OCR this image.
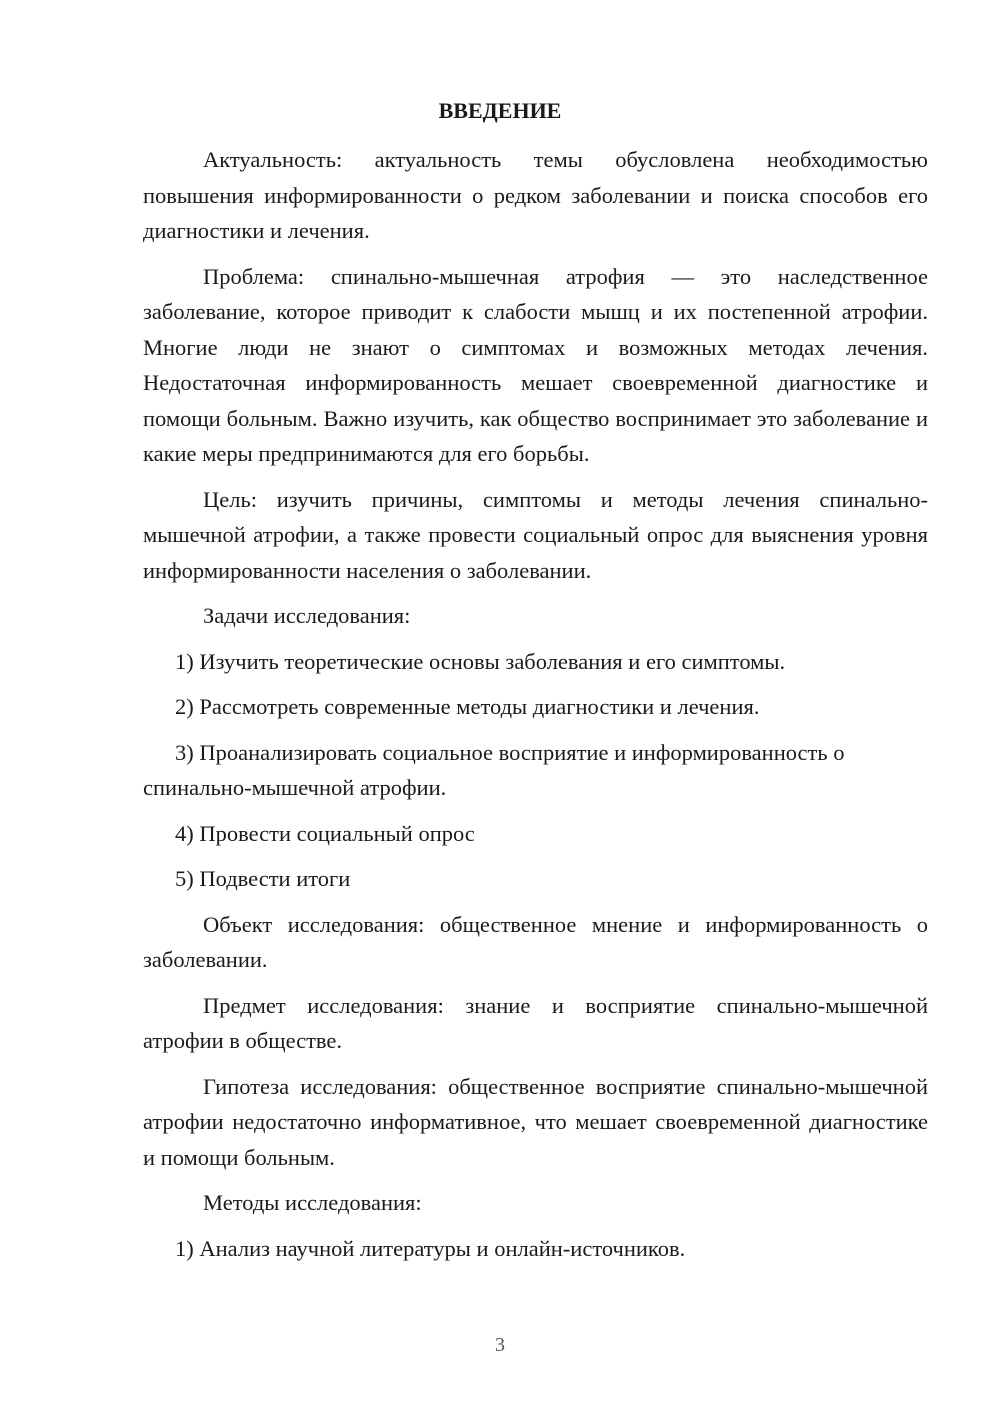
ВВЕДЕНИЕ

Актуальность: актуальность темы обусловлена необходимостью повышения информированности о редком заболевании и поиска способов его диагностики и лечения.

Проблема: спинально-мышечная атрофия — это наследственное заболевание, которое приводит к слабости мышц и их постепенной атрофии. Многие люди не знают о симптомах и возможных методах лечения. Недостаточная информированность мешает своевременной диагностике и помощи больным. Важно изучить, как общество воспринимает это заболевание и какие меры предпринимаются для его борьбы.

Цель: изучить причины, симптомы и методы лечения спинально-мышечной атрофии, а также провести социальный опрос для выяснения уровня информированности населения о заболевании.

Задачи исследования:

1) Изучить теоретические основы заболевания и его симптомы.

2) Рассмотреть современные методы диагностики и лечения.

3) Проанализировать социальное восприятие и информированность о спинально-мышечной атрофии.

4) Провести социальный опрос

5) Подвести итоги

Объект исследования: общественное мнение и информированность о заболевании.

Предмет исследования: знание и восприятие спинально-мышечной атрофии в обществе.

Гипотеза исследования: общественное восприятие спинально-мышечной атрофии недостаточно информативное, что мешает своевременной диагностике и помощи больным.

Методы исследования:

1) Анализ научной литературы и онлайн-источников.

3
